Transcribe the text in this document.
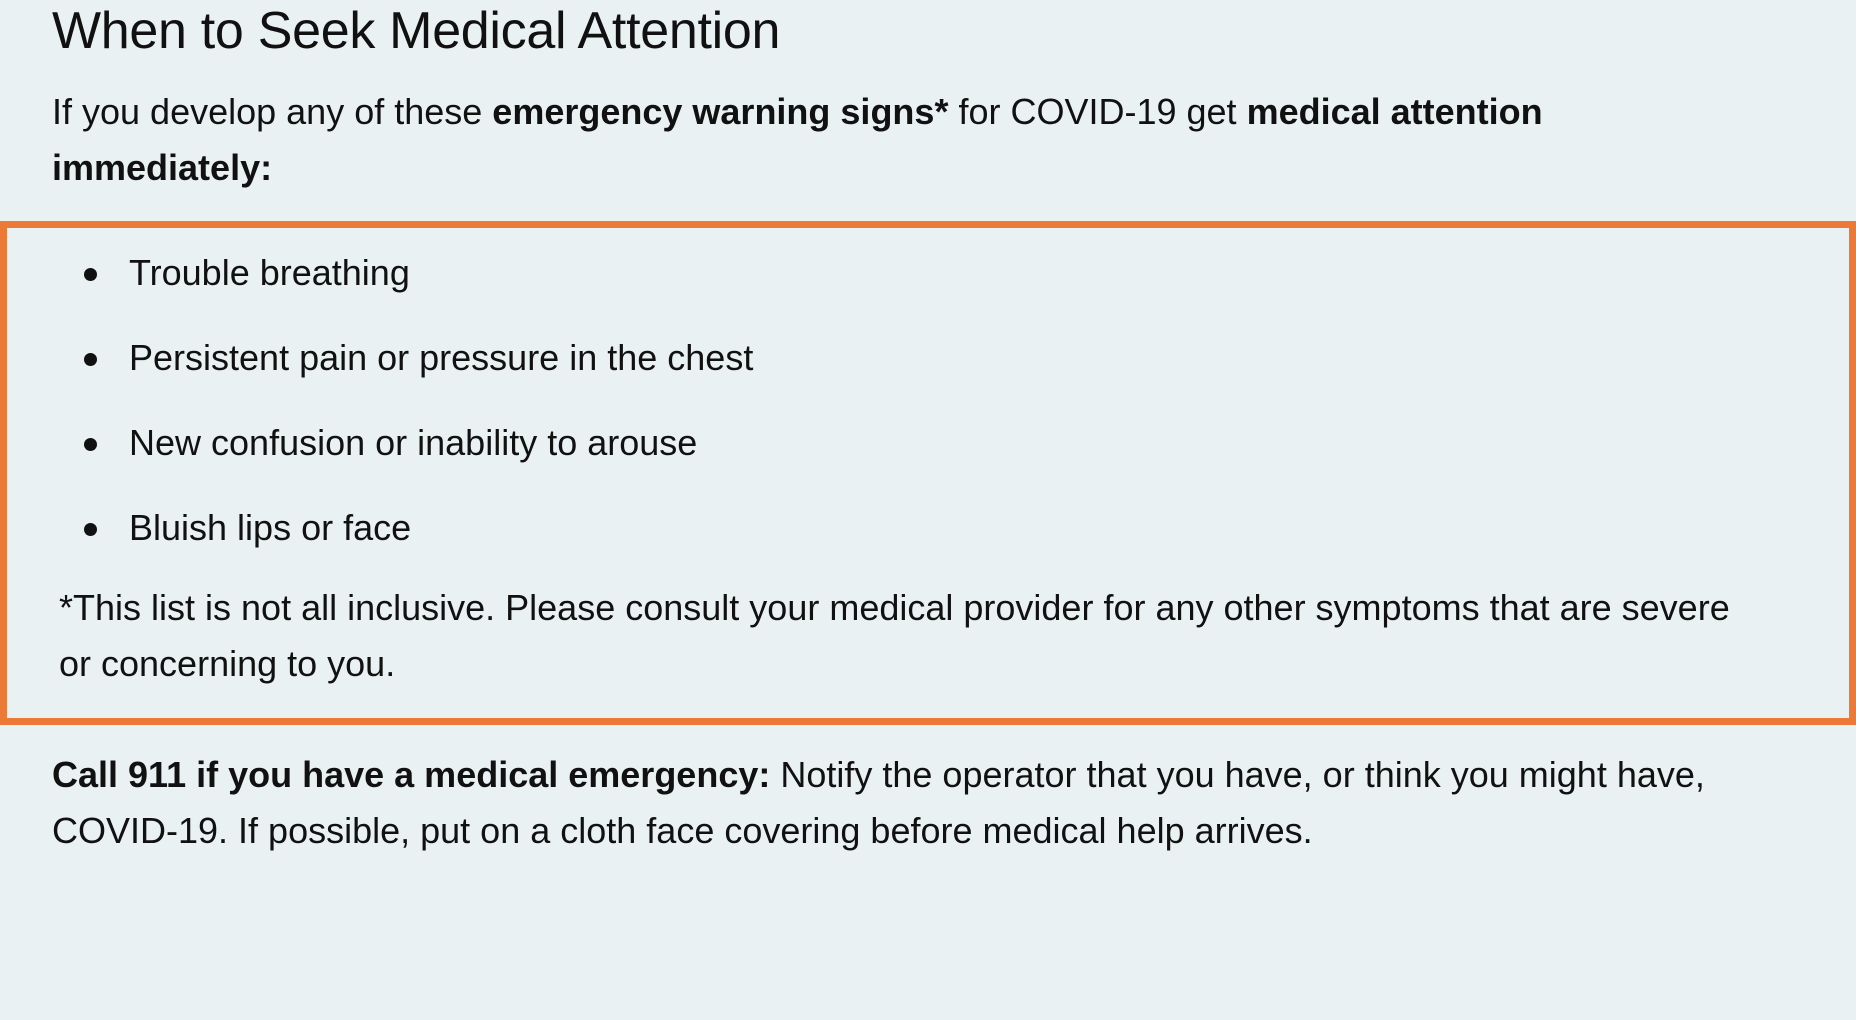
When to Seek Medical Attention

If you develop any of these emergency warning signs* for COVID-19 get medical attention immediately:

Trouble breathing
Persistent pain or pressure in the chest
New confusion or inability to arouse
Bluish lips or face

*This list is not all inclusive. Please consult your medical provider for any other symptoms that are severe or concerning to you.

Call 911 if you have a medical emergency: Notify the operator that you have, or think you might have, COVID-19. If possible, put on a cloth face covering before medical help arrives.
